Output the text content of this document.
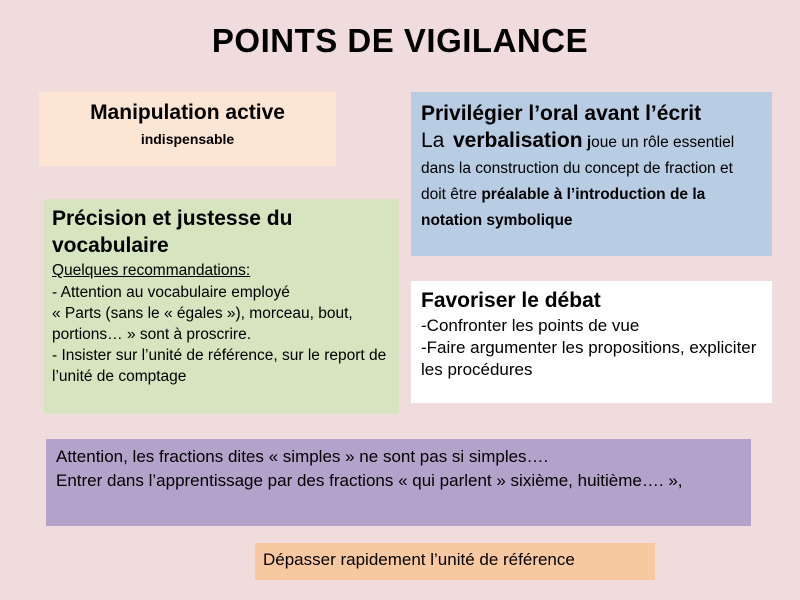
POINTS DE VIGILANCE
Manipulation active
indispensable
Privilégier l’oral avant l’écrit
La verbalisation joue un rôle essentiel dans la construction du concept de fraction et doit être préalable à l’introduction de la notation symbolique
Précision et justesse du vocabulaire
Quelques recommandations:
- Attention au vocabulaire employé
« Parts (sans le « égales »), morceau, bout, portions… » sont à proscrire.
- Insister sur l’unité de référence, sur le report de l’unité de comptage
Favoriser le débat
-Confronter les points de vue
-Faire argumenter les propositions, expliciter les procédures
Attention, les fractions dites « simples » ne sont pas si simples….
Entrer dans l’apprentissage par des fractions « qui parlent » sixième, huitième…. »,
Dépasser rapidement l’unité de référence
